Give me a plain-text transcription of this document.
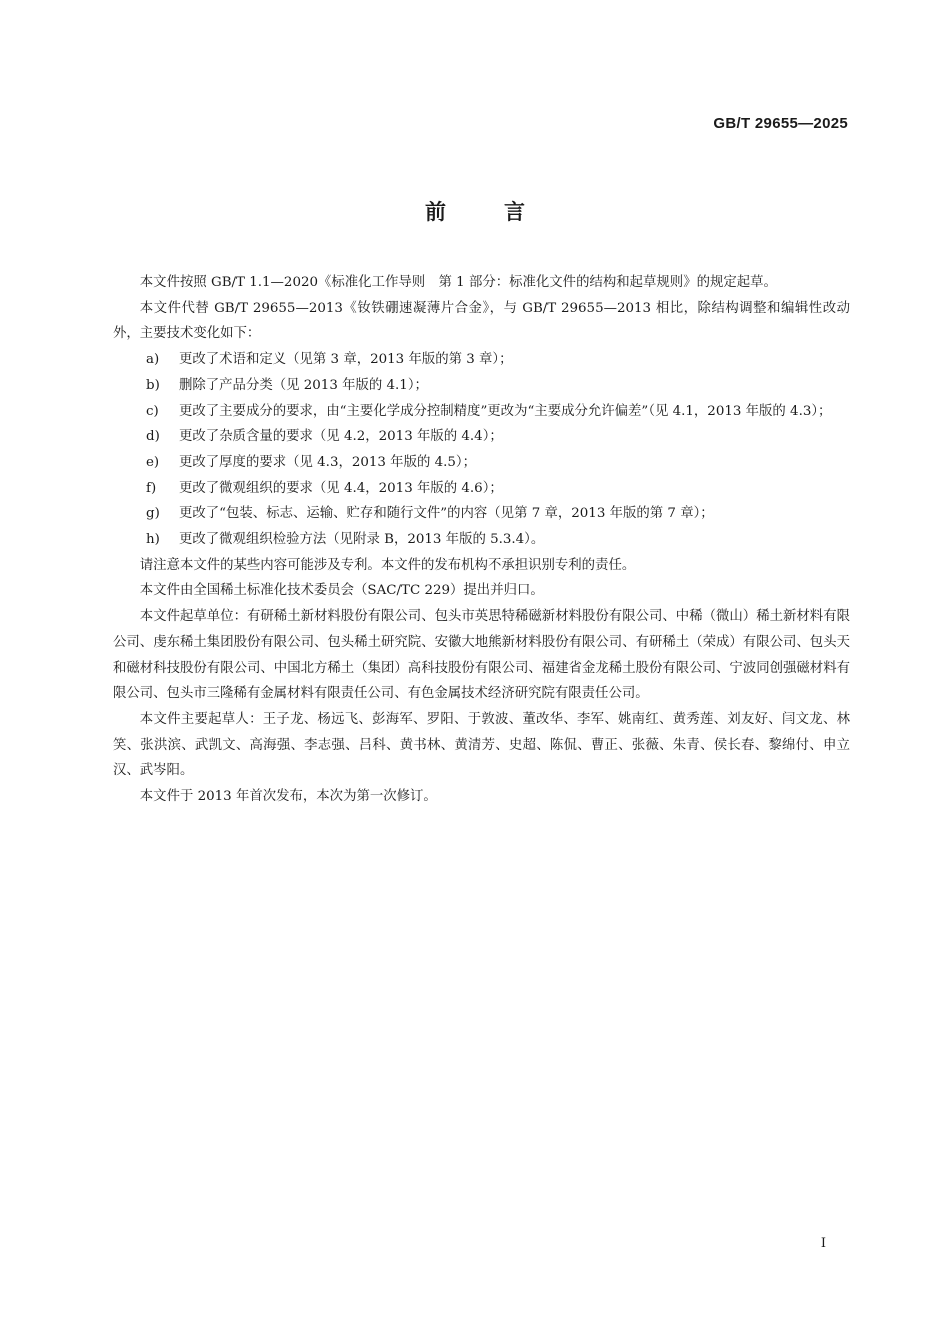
GB/T 29655—2025
前言

本文件按照 GB/T 1.1—2020《标准化工作导则　第 1 部分：标准化文件的结构和起草规则》的规定起草。

本文件代替 GB/T 29655—2013《钕铁硼速凝薄片合金》，与 GB/T 29655—2013 相比，除结构调整和编辑性改动外，主要技术变化如下：

a)	更改了术语和定义（见第 3 章，2013 年版的第 3 章）；
b)	删除了产品分类（见 2013 年版的 4.1）；
c)	更改了主要成分的要求，由“主要化学成分控制精度”更改为“主要成分允许偏差”（见 4.1，2013 年版的 4.3）；
d)	更改了杂质含量的要求（见 4.2，2013 年版的 4.4）；
e)	更改了厚度的要求（见 4.3，2013 年版的 4.5）；
f)	更改了微观组织的要求（见 4.4，2013 年版的 4.6）；
g)	更改了“包装、标志、运输、贮存和随行文件”的内容（见第 7 章，2013 年版的第 7 章）；
h)	更改了微观组织检验方法（见附录 B，2013 年版的 5.3.4）。

请注意本文件的某些内容可能涉及专利。本文件的发布机构不承担识别专利的责任。

本文件由全国稀土标准化技术委员会（SAC/TC 229）提出并归口。

本文件起草单位：有研稀土新材料股份有限公司、包头市英思特稀磁新材料股份有限公司、中稀（微山）稀土新材料有限公司、虔东稀土集团股份有限公司、包头稀土研究院、安徽大地熊新材料股份有限公司、有研稀土（荣成）有限公司、包头天和磁材科技股份有限公司、中国北方稀土（集团）高科技股份有限公司、福建省金龙稀土股份有限公司、宁波同创强磁材料有限公司、包头市三隆稀有金属材料有限责任公司、有色金属技术经济研究院有限责任公司。

本文件主要起草人：王子龙、杨远飞、彭海军、罗阳、于敦波、董改华、李军、姚南红、黄秀莲、刘友好、闫文龙、林笑、张洪滨、武凯文、高海强、李志强、吕科、黄书林、黄清芳、史超、陈侃、曹正、张薇、朱青、侯长春、黎绵付、申立汉、武岑阳。

本文件于 2013 年首次发布，本次为第一次修订。

I
